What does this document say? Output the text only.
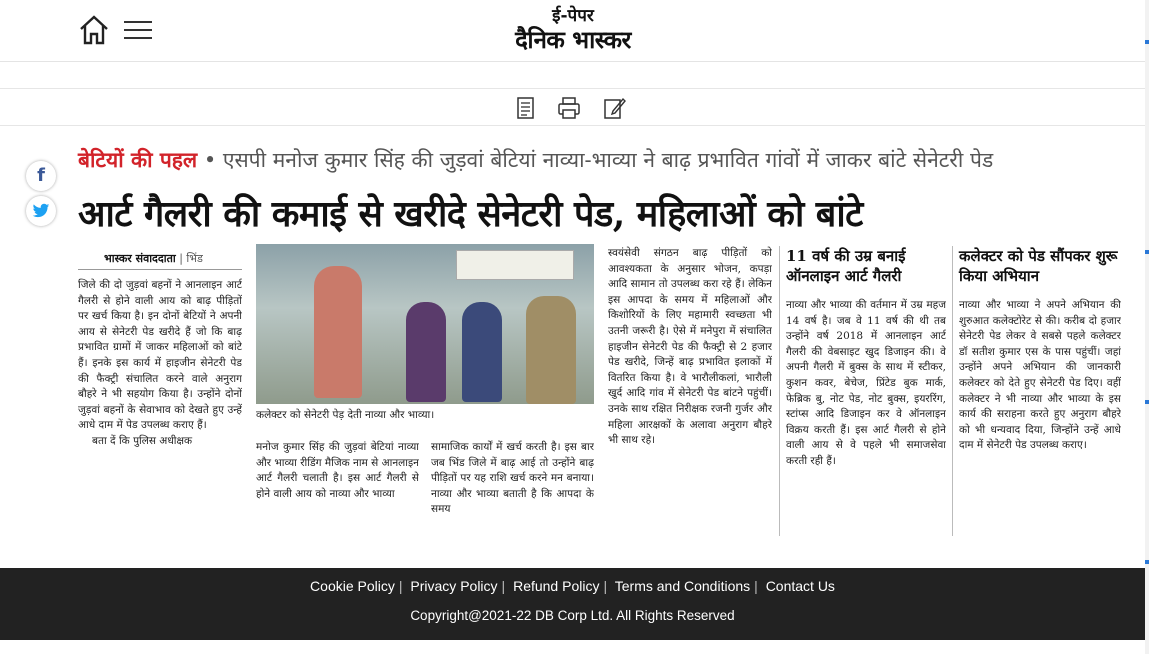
ई-पेपर
दैनिक भास्कर
f
बेटियों की पहल • एसपी मनोज कुमार सिंह की जुड़वां बेटियां नाव्या-भाव्या ने बाढ़ प्रभावित गांवों में जाकर बांटे सेनेटरी पेड
आर्ट गैलरी की कमाई से खरीदे सेनेटरी पेड, महिलाओं को बांटे
भास्कर संवाददाता | भिंड
जिले की दो जुड़वां बहनों ने आनलाइन आर्ट गैलरी से होने वाली आय को बाढ़ पीड़ितों पर खर्च किया है। इन दोनों बेटियों ने अपनी आय से सेनेटरी पेड खरीदे हैं जो कि बाढ़ प्रभावित ग्रामों में जाकर महिलाओं को बांटे हैं। इनके इस कार्य में हाइजीन सेनेटरी पेड की फैक्ट्री संचालित करने वाले अनुराग बौहरे ने भी सहयोग किया है। उन्होंने दोनों जुड़वां बहनों के सेवाभाव को देखते हुए उन्हें आधे दाम में पेड उपलब्ध कराए हैं।
बता दें कि पुलिस अधीक्षक
कलेक्टर को सेनेटरी पेड़ देती नाव्या और भाव्या।
मनोज कुमार सिंह की जुड़वां बेटियां नाव्या और भाव्या रीडिंग मैजिक नाम से आनलाइन आर्ट गैलरी चलाती है। इस आर्ट गैलरी से होने वाली आय को नाव्या और भाव्या
सामाजिक कार्यों में खर्च करती है। इस बार जब भिंड जिले में बाढ़ आई तो उन्होंने बाढ़ पीड़ितों पर यह राशि खर्च करने मन बनाया। नाव्या और भाव्या बताती है कि आपदा के समय
स्वयंसेवी संगठन बाढ़ पीड़ितों को आवश्यकता के अनुसार भोजन, कपड़ा आदि सामान तो उपलब्ध करा रहे हैं। लेकिन इस आपदा के समय में महिलाओं और किशोरियों के लिए महामारी स्वच्छता भी उतनी जरूरी है। ऐसे में मनेपुरा में संचालित हाइजीन सेनेटरी पेड की फैक्ट्री से 2 हजार पेड खरीदे, जिन्हें बाढ़ प्रभावित इलाकों में वितरित किया है। वे भारौलीकलां, भारौली खुर्द आदि गांव में सेनेटरी पेड बांटने पहुंचीं। उनके साथ रक्षित निरीक्षक रजनी गुर्जर और महिला आरक्षकों के अलावा अनुराग बौहरे भी साथ रहे।
11 वर्ष की उम्र बनाई ऑनलाइन आर्ट गैलरी
नाव्या और भाव्या की वर्तमान में उम्र महज 14 वर्ष है। जब वे 11 वर्ष की थी तब उन्होंने वर्ष 2018 में आनलाइन आर्ट गैलरी की वेबसाइट खुद डिजाइन की। वे अपनी गैलरी में बुक्स के साथ में स्टीकर, कुशन कवर, बेचेज, प्रिंटेड बुक मार्क, फेब्रिक बु, नोट पेड, नोट बुक्स, इयररिंग, स्टांप्स आदि डिजाइन कर वे ऑनलाइन विक्रय करती हैं। इस आर्ट गैलरी से होने वाली आय से वे पहले भी समाजसेवा करती रही हैं।
कलेक्टर को पेड सौंपकर शुरू किया अभियान
नाव्या और भाव्या ने अपने अभियान की शुरुआत कलेक्टोरेट से की। करीब दो हजार सेनेटरी पेड लेकर वे सबसे पहले कलेक्टर डॉ सतीश कुमार एस के पास पहुंचीं। जहां उन्होंने अपने अभियान की जानकारी कलेक्टर को देते हुए सेनेटरी पेड दिए। वहीं कलेक्टर ने भी नाव्या और भाव्या के इस कार्य की सराहना करते हुए अनुराग बौहरे को भी धन्यवाद दिया, जिन्होंने उन्हें आधे दाम में सेनेटरी पेड उपलब्ध कराए।
Cookie Policy | Privacy Policy | Refund Policy | Terms and Conditions | Contact Us
Copyright@2021-22 DB Corp Ltd. All Rights Reserved
